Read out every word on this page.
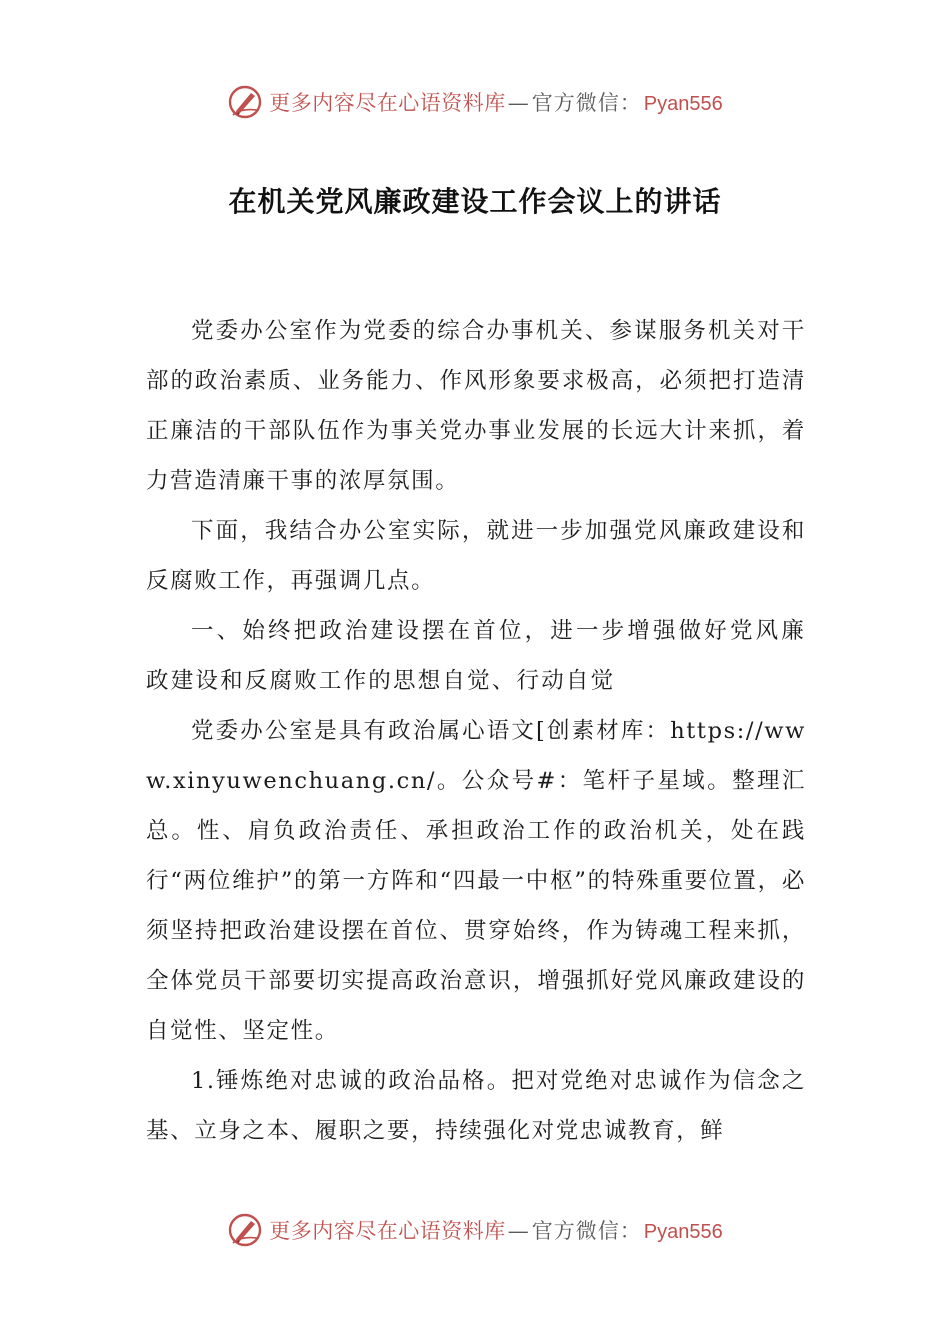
更多内容尽在心语资料库 — 官方微信： Pyan556
在机关党风廉政建设工作会议上的讲话

党委办公室作为党委的综合办事机关、参谋服务机关对干部的政治素质、业务能力、作风形象要求极高，必须把打造清正廉洁的干部队伍作为事关党办事业发展的长远大计来抓，着力营造清廉干事的浓厚氛围。

下面，我结合办公室实际，就进一步加强党风廉政建设和反腐败工作，再强调几点。

一、始终把政治建设摆在首位，进一步增强做好党风廉政建设和反腐败工作的思想自觉、行动自觉

党委办公室是具有政治属心语文[创素材库：https://www.xinyuwenchuang.cn/。公众号#：笔杆子星域。整理汇总。性、肩负政治责任、承担政治工作的政治机关，处在践行“两位维护”的第一方阵和“四最一中枢”的特殊重要位置，必须坚持把政治建设摆在首位、贯穿始终，作为铸魂工程来抓，全体党员干部要切实提高政治意识，增强抓好党风廉政建设的自觉性、坚定性。

1.锤炼绝对忠诚的政治品格。把对党绝对忠诚作为信念之基、立身之本、履职之要，持续强化对党忠诚教育，鲜

更多内容尽在心语资料库 — 官方微信： Pyan556
